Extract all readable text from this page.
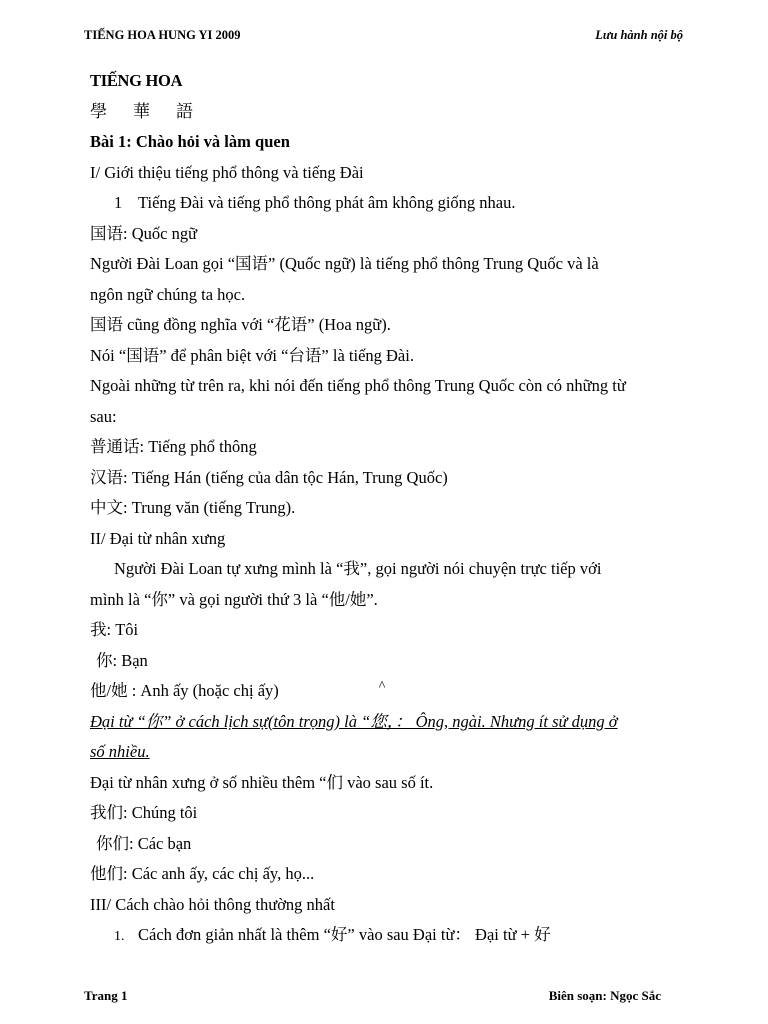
TIẾNG HOA HUNG YI 2009	Lưu hành nội bộ
TIẾNG HOA
學 華 語
Bài 1: Chào hỏi và làm quen
I/ Giới thiệu tiếng phổ thông và tiếng Đài
1 Tiếng Đài và tiếng phổ thông phát âm không giống nhau.
国语: Quốc ngữ
Người Đài Loan gọi “国语” (Quốc ngữ) là tiếng phổ thông Trung Quốc và là
ngôn ngữ chúng ta học.
国语 cũng đồng nghĩa với “花语” (Hoa ngữ).
Nói “国语” để phân biệt với “台语” là tiếng Đài.
Ngoài những từ trên ra, khi nói đến tiếng phổ thông Trung Quốc còn có những từ
sau:
普通话: Tiếng phổ thông
汉语: Tiếng Hán (tiếng của dân tộc Hán, Trung Quốc)
中文: Trung văn (tiếng Trung).
II/ Đại từ nhân xưng
Người Đài Loan tự xưng mình là “我”, gọi người nói chuyện trực tiếp với
mình là “你” và gọi người thứ 3 là “他/她”.
我: Tôi
你: Bạn
他/她 : Anh ấy (hoặc chị ấy)	^
Đại từ “你” ở cách lịch sự(tôn trọng) là “您，： Ông, ngài. Nhưng ít sử dụng ở
số nhiều.
Đại từ nhân xưng ở số nhiều thêm “们 vào sau số ít.
我们: Chúng tôi
你们: Các bạn
他们: Các anh ấy, các chị ấy, họ...
III/ Cách chào hỏi thông thường nhất
1. Cách đơn giản nhất là thêm “好” vào sau Đại từ： Đại từ + 好
Trang 1	Biên soạn: Ngọc Sắc
